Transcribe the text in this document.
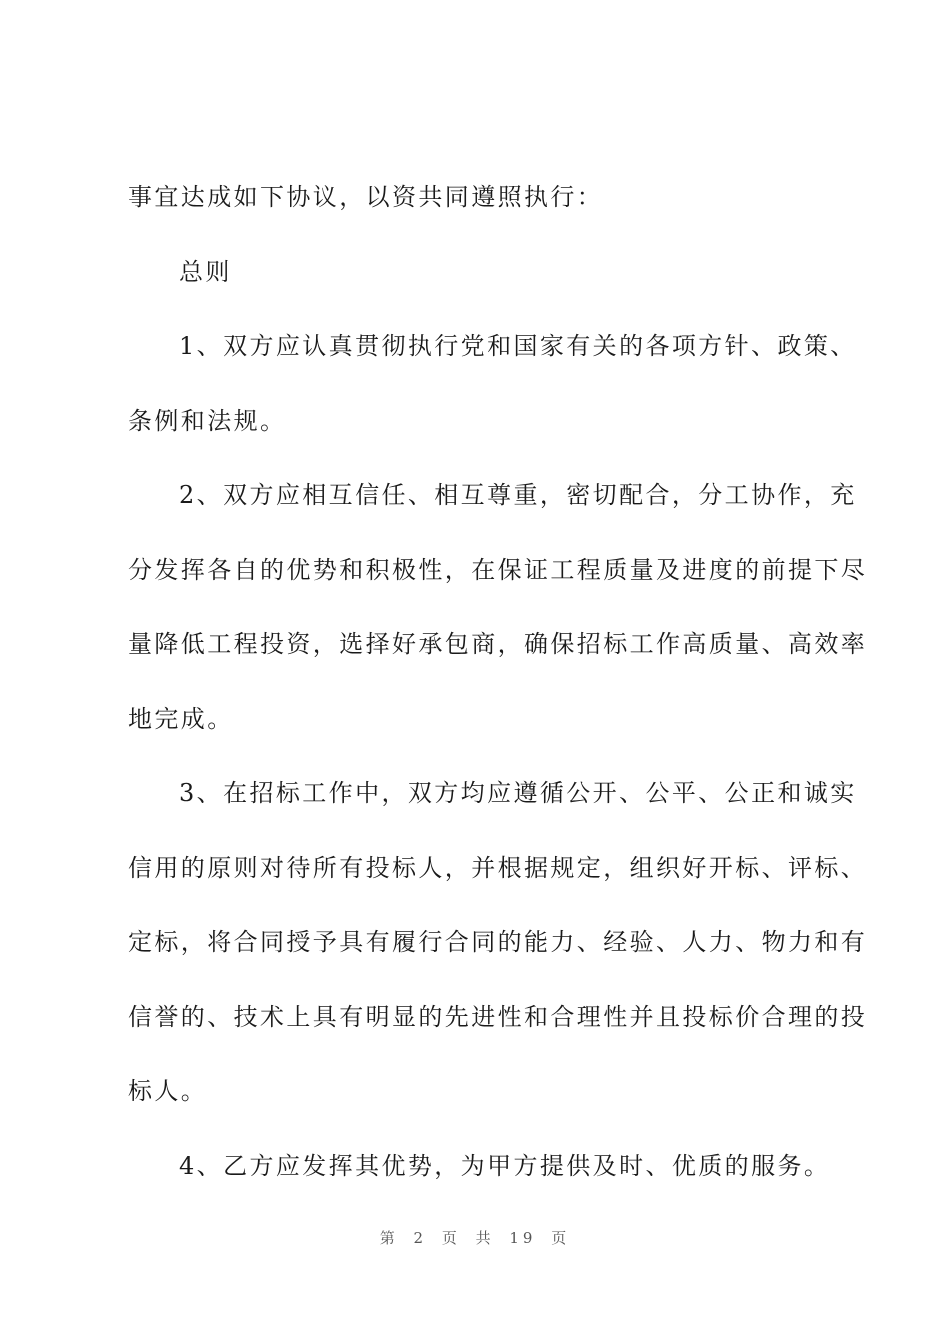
事宜达成如下协议，以资共同遵照执行：
总则
1、双方应认真贯彻执行党和国家有关的各项方针、政策、
条例和法规。
2、双方应相互信任、相互尊重，密切配合，分工协作，充
分发挥各自的优势和积极性，在保证工程质量及进度的前提下尽
量降低工程投资，选择好承包商，确保招标工作高质量、高效率
地完成。
3、在招标工作中，双方均应遵循公开、公平、公正和诚实
信用的原则对待所有投标人，并根据规定，组织好开标、评标、
定标，将合同授予具有履行合同的能力、经验、人力、物力和有
信誉的、技术上具有明显的先进性和合理性并且投标价合理的投
标人。
4、乙方应发挥其优势，为甲方提供及时、优质的服务。
第 2 页 共 19 页
